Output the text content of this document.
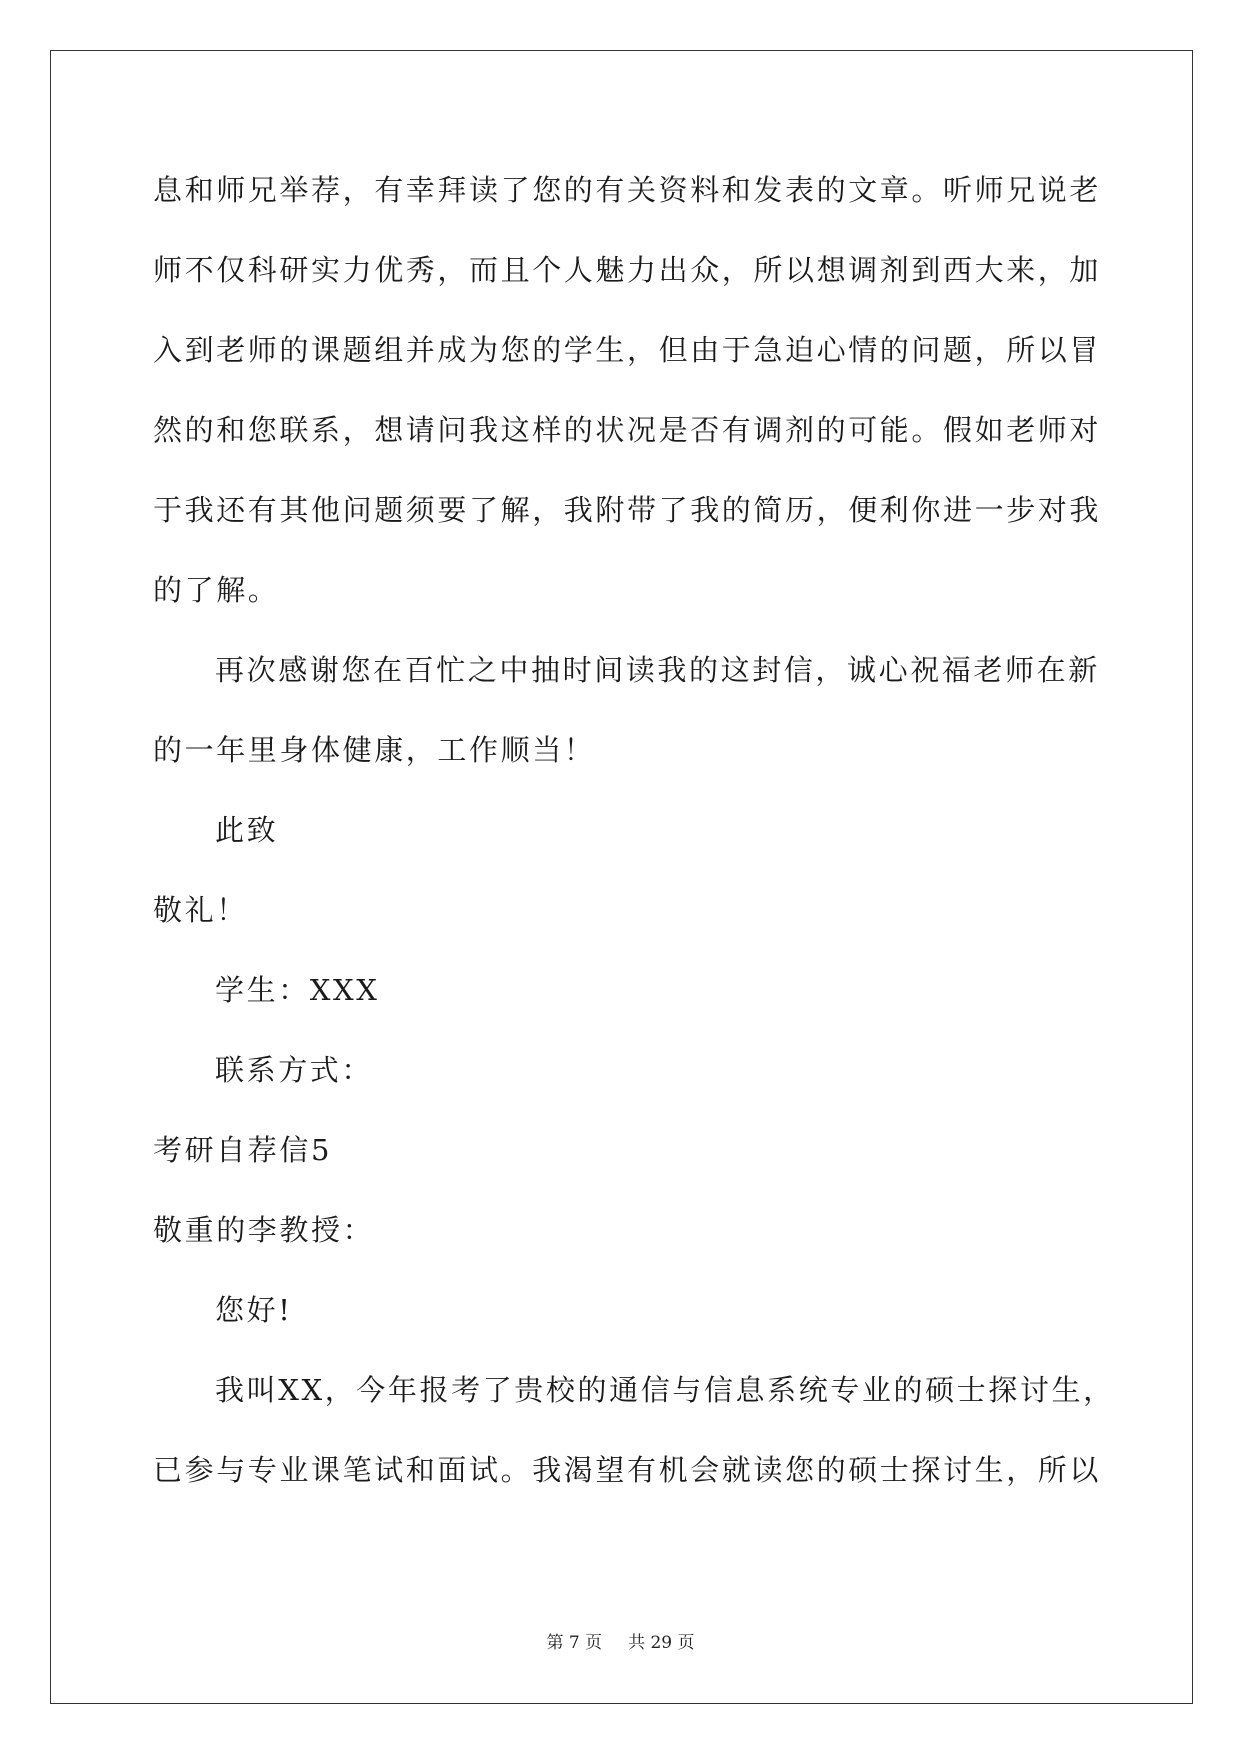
息和师兄举荐，有幸拜读了您的有关资料和发表的文章。听师兄说老
师不仅科研实力优秀，而且个人魅力出众，所以想调剂到西大来，加
入到老师的课题组并成为您的学生，但由于急迫心情的问题，所以冒
然的和您联系，想请问我这样的状况是否有调剂的可能。假如老师对
于我还有其他问题须要了解，我附带了我的简历，便利你进一步对我
的了解。
再次感谢您在百忙之中抽时间读我的这封信，诚心祝福老师在新
的一年里身体健康，工作顺当！
此致
敬礼！
学生：XXX
联系方式：
考研自荐信5
敬重的李教授：
您好!
我叫XX，今年报考了贵校的通信与信息系统专业的硕士探讨生，
已参与专业课笔试和面试。我渴望有机会就读您的硕士探讨生，所以
第 7 页 共 29 页
